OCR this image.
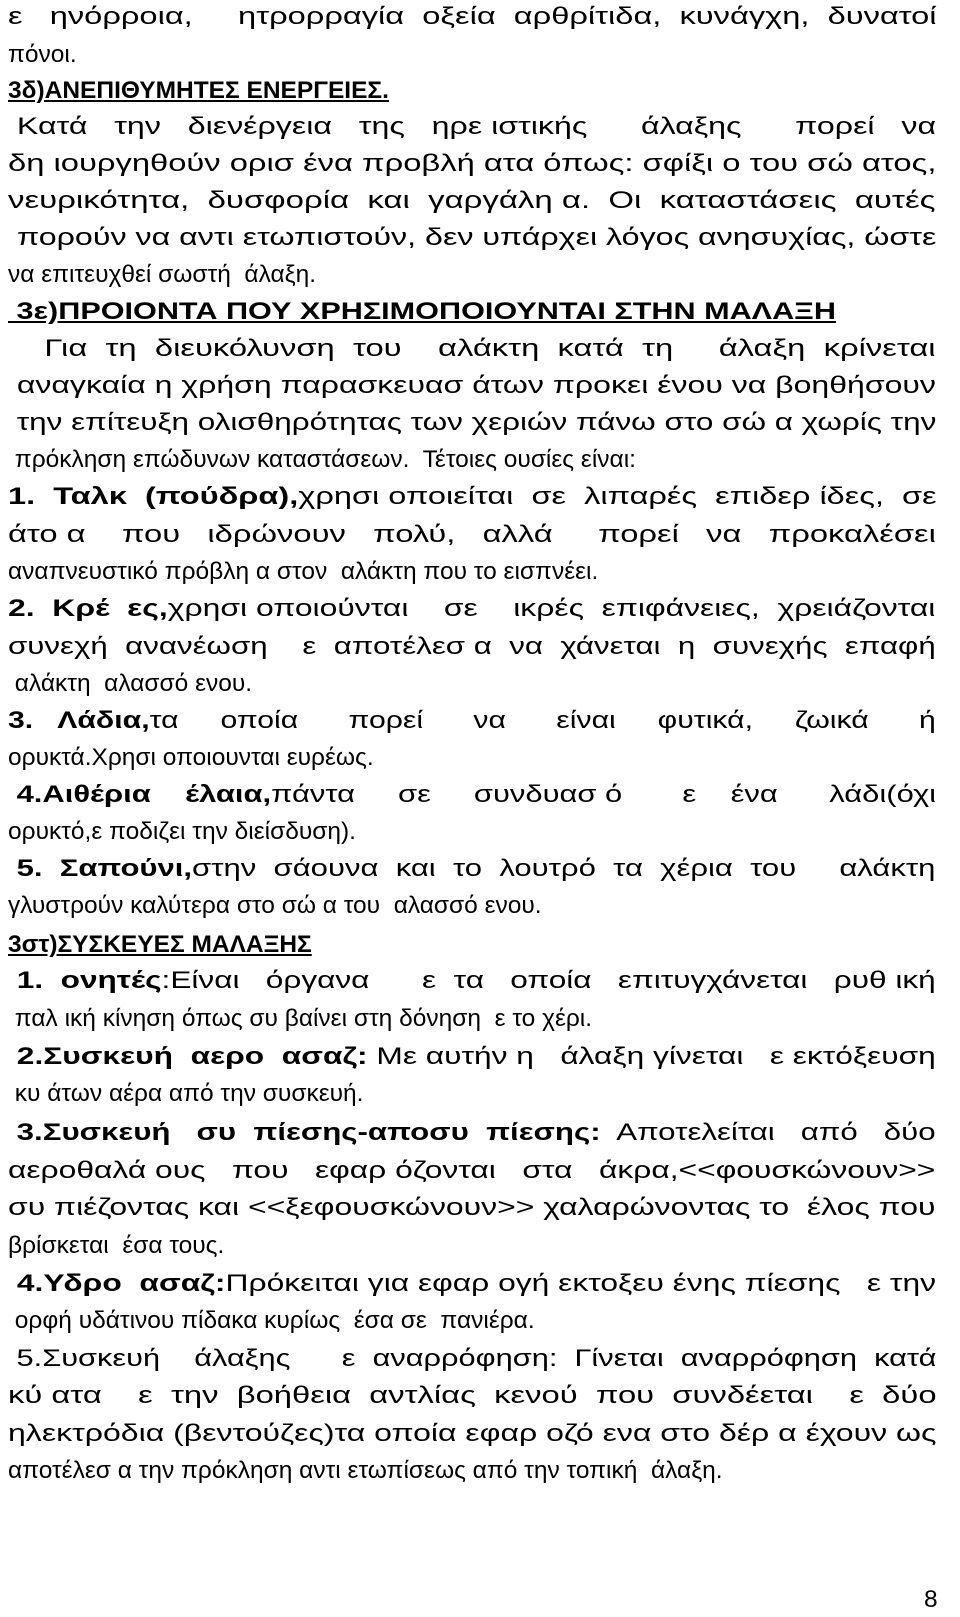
ε   ηνόρροια,     ητρορραγία  οξεία  αρθρίτιδα,  κυνάγχη,  δυνατοί
πόνοι.
3δ)ΑΝΕΠΙΘΥΜΗΤΕΣ ΕΝΕΡΓΕΙΕΣ.
Κατά   την   διενέργεια   της   ηρε ιστικής      άλαξης      πορεί   να
δη ιουργηθούν ορισ ένα προβλή ατα όπως: σφίξι ο του σώ ατος,
νευρικότητα,  δυσφορία  και  γαργάλη α.  Οι  καταστάσεις  αυτές
πορούν να αντι ετωπιστούν, δεν υπάρχει λόγος ανησυχίας, ώστε
να επιτευχθεί σωστή  άλαξη.
3ε)ΠΡΟΙΟΝΤΑ ΠΟΥ ΧΡΗΣΙΜΟΠΟΙΟΥΝΤΑΙ ΣΤΗΝ ΜΑΛΑΞΗ
Για  τη  διευκόλυνση  του    αλάκτη  κατά  τη     άλαξη  κρίνεται
αναγκαία η χρήση παρασκευασ άτων προκει ένου να βοηθήσουν
την επίτευξη ολισθηρότητας των χεριών πάνω στο σώ α χωρίς την
πρόκληση επώδυνων καταστάσεων.  Τέτοιες ουσίες είναι:
1.  Ταλκ  (πούδρα),χρησι οποιείται  σε  λιπαρές  επιδερ ίδες,  σε
άτο α    που   ιδρώνουν   πολύ,   αλλά     πορεί   να   προκαλέσει
αναπνευστικό πρόβλη α στον  αλάκτη που το εισπνέει.
2.  Κρέ  ες,χρησι οποιούνται    σε    ικρές  επιφάνειες,  χρειάζονται
συνεχή  ανανέωση    ε  αποτέλεσ α  να  χάνεται  η  συνεχής  επαφή
αλάκτη  αλασσό ενου.
3.   Λάδια,τα     οποία      πορεί      να      είναι     φυτικά,     ζωικά      ή
ορυκτά.Χρησι οποιουνται ευρέως.
4.Αιθέρια    έλαια,πάντα     σε     συνδυασ ό       ε    ένα      λάδι(όχι
ορυκτό,ε ποδιζει την διείσδυση).
5.  Σαπούνι,στην  σάουνα  και  το  λουτρό  τα  χέρια  του     αλάκτη
γλυστρούν καλύτερα στο σώ α του  αλασσό ενου.
3στ)ΣΥΣΚΕΥΕΣ ΜΑΛΑΞΗΣ
1.  ονητές:Είναι   όργανα      ε  τα   οποία   επιτυγχάνεται   ρυθ ική
παλ ική κίνηση όπως συ βαίνει στη δόνηση  ε το χέρι.
2.Συσκευή  αερο  ασαζ: Με αυτήν η   άλαξη γίνεται   ε εκτόξευση
κυ άτων αέρα από την συσκευή.
3.Συσκευή   συ  πίεσης-αποσυ  πίεσης:  Αποτελείται   από   δύο
αεροθαλά ους   που   εφαρ όζονται   στα   άκρα,<<φουσκώνουν>>
συ πιέζοντας και <<ξεφουσκώνουν>> χαλαρώνοντας το  έλος που
βρίσκεται  έσα τους.
4.Υδρο  ασαζ:Πρόκειται για εφαρ ογή εκτοξευ ένης πίεσης   ε την
ορφή υδάτινου πίδακα κυρίως  έσα σε  πανιέρα.
5.Συσκευή    άλαξης      ε  αναρρόφηση:  Γίνεται  αναρρόφηση  κατά
κύ ατα    ε  την  βοήθεια  αντλίας  κενού  που  συνδέεται    ε  δύο
ηλεκτρόδια (βεντούζες)τα οποία εφαρ οζό ενα στο δέρ α έχουν ως
αποτέλεσ α την πρόκληση αντι ετωπίσεως από την τοπική  άλαξη.
8
